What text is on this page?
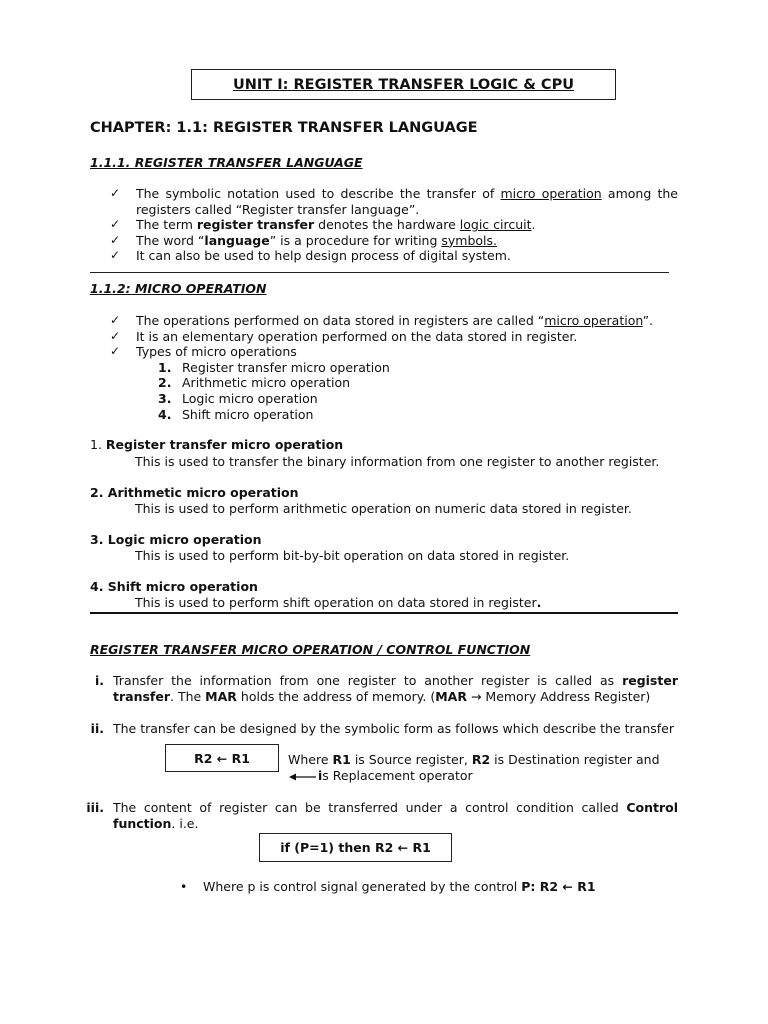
UNIT I: REGISTER TRANSFER LOGIC & CPU
CHAPTER: 1.1: REGISTER TRANSFER LANGUAGE
1.1.1. REGISTER TRANSFER LANGUAGE
✓ The symbolic notation used to describe the transfer of micro operation among the registers called “Register transfer language”.
✓ The term register transfer denotes the hardware logic circuit.
✓ The word “language” is a procedure for writing symbols.
✓ It can also be used to help design process of digital system.
1.1.2: MICRO OPERATION
✓ The operations performed on data stored in registers are called “micro operation”.
✓ It is an elementary operation performed on the data stored in register.
✓ Types of micro operations
1. Register transfer micro operation
2. Arithmetic micro operation
3. Logic micro operation
4. Shift micro operation
1. Register transfer micro operation
This is used to transfer the binary information from one register to another register.
2. Arithmetic micro operation
This is used to perform arithmetic operation on numeric data stored in register.
3. Logic micro operation
This is used to perform bit-by-bit operation on data stored in register.
4. Shift micro operation
This is used to perform shift operation on data stored in register.
REGISTER TRANSFER MICRO OPERATION / CONTROL FUNCTION
i. Transfer the information from one register to another register is called as register transfer. The MAR holds the address of memory. (MAR → Memory Address Register)
ii. The transfer can be designed by the symbolic form as follows which describe the transfer
R2 ← R1	Where R1 is Source register, R2 is Destination register and
is Replacement operator
iii. The content of register can be transferred under a control condition called Control function. i.e.
if (P=1) then R2 ← R1
• Where p is control signal generated by the control P: R2 ← R1
